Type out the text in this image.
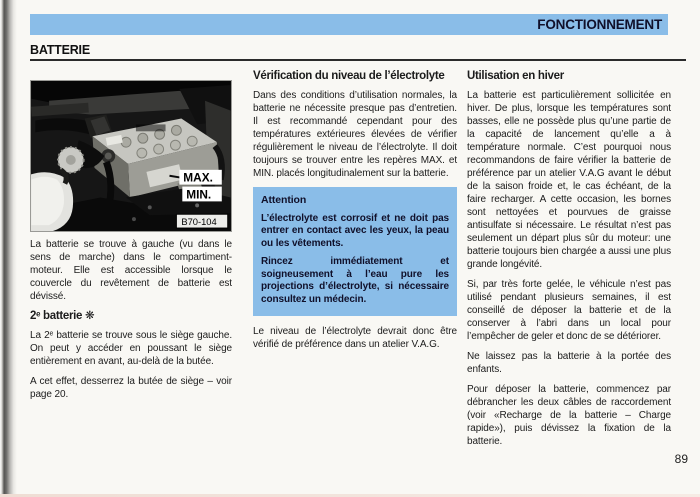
FONCTIONNEMENT
BATTERIE
MAX.
MIN.
B70-104

La batterie se trouve à gauche (vu dans le sens de marche) dans le compartiment-moteur. Elle est accessible lorsque le couvercle du revêtement de batterie est dévissé.

2ᵉ batterie ❋

La 2ᵉ batterie se trouve sous le siège gauche. On peut y accéder en poussant le siège entièrement en avant, au-delà de la butée.

A cet effet, desserrez la butée de siège – voir page 20.

Vérification du niveau de l’électrolyte

Dans des conditions d’utilisation normales, la batterie ne nécessite presque pas d’entretien. Il est recommandé cependant pour des températures extérieures élevées de vérifier régulièrement le niveau de l’électrolyte. Il doit toujours se trouver entre les repères MAX. et MIN. placés longitudinalement sur la batterie.

Attention

L’électrolyte est corrosif et ne doit pas entrer en contact avec les yeux, la peau ou les vêtements.

Rincez immédiatement et soigneusement à l’eau pure les projections d’électrolyte, si nécessaire consultez un médecin.

Le niveau de l’électrolyte devrait donc être vérifié de préférence dans un atelier V.A.G.

Utilisation en hiver

La batterie est particulièrement sollicitée en hiver. De plus, lorsque les températures sont basses, elle ne possède plus qu’une partie de la capacité de lancement qu’elle a à température normale. C’est pourquoi nous recommandons de faire vérifier la batterie de préférence par un atelier V.A.G avant le début de la saison froide et, le cas échéant, de la faire recharger. A cette occasion, les bornes sont nettoyées et pourvues de graisse antisulfate si nécessaire. Le résultat n’est pas seulement un départ plus sûr du moteur: une batterie toujours bien chargée a aussi une plus grande longévité.

Si, par très forte gelée, le véhicule n’est pas utilisé pendant plusieurs semaines, il est conseillé de déposer la batterie et de la conserver à l’abri dans un local pour l’empêcher de geler et donc de se détériorer.

Ne laissez pas la batterie à la portée des enfants.

Pour déposer la batterie, commencez par débrancher les deux câbles de raccordement (voir «Recharge de la batterie – Charge rapide»), puis dévissez la fixation de la batterie.

89
